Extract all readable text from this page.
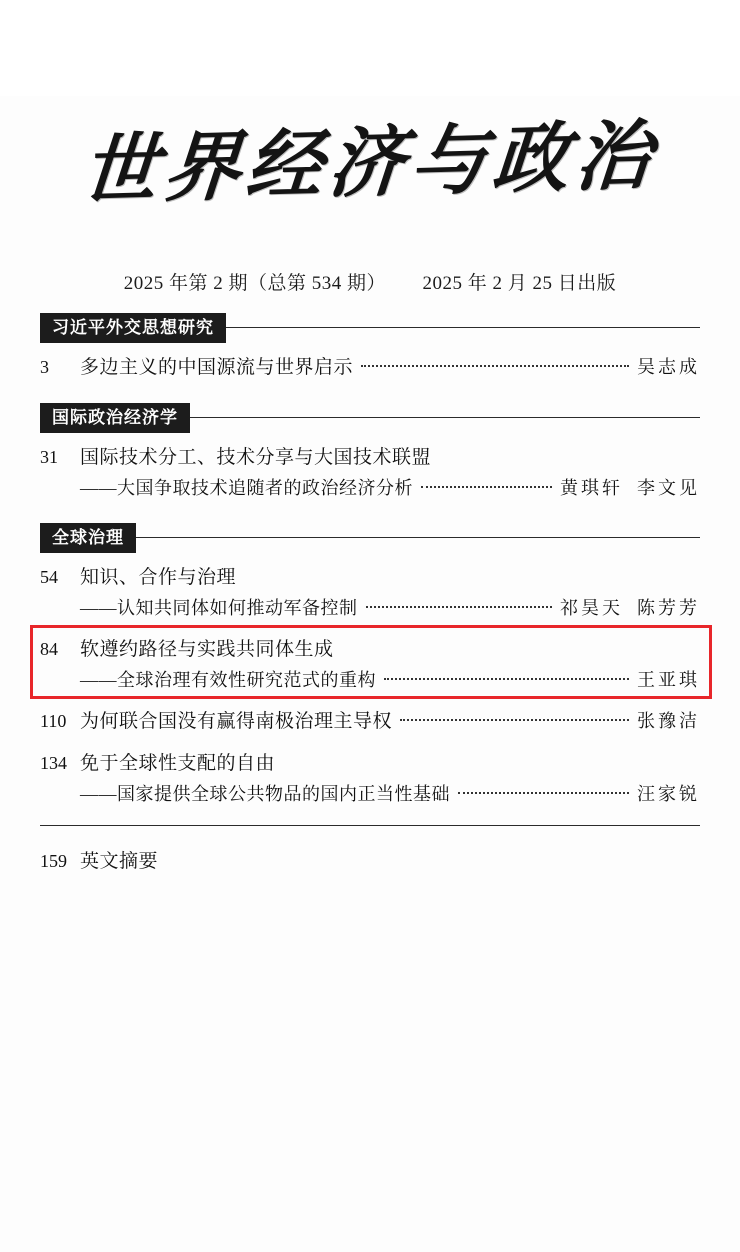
世界经济与政治
2025 年第 2 期（总第 534 期） 2025 年 2 月 25 日出版
习近平外交思想研究
3	多边主义的中国源流与世界启示	吴志成
国际政治经济学
31	国际技术分工、技术分享与大国技术联盟
——大国争取技术追随者的政治经济分析	黄琪轩 李文见
全球治理
54	知识、合作与治理
——认知共同体如何推动军备控制	祁昊天 陈芳芳
84	软遵约路径与实践共同体生成
——全球治理有效性研究范式的重构	王亚琪
110 为何联合国没有赢得南极治理主导权	张豫洁
134 免于全球性支配的自由
——国家提供全球公共物品的国内正当性基础	汪家锐
159 英文摘要
